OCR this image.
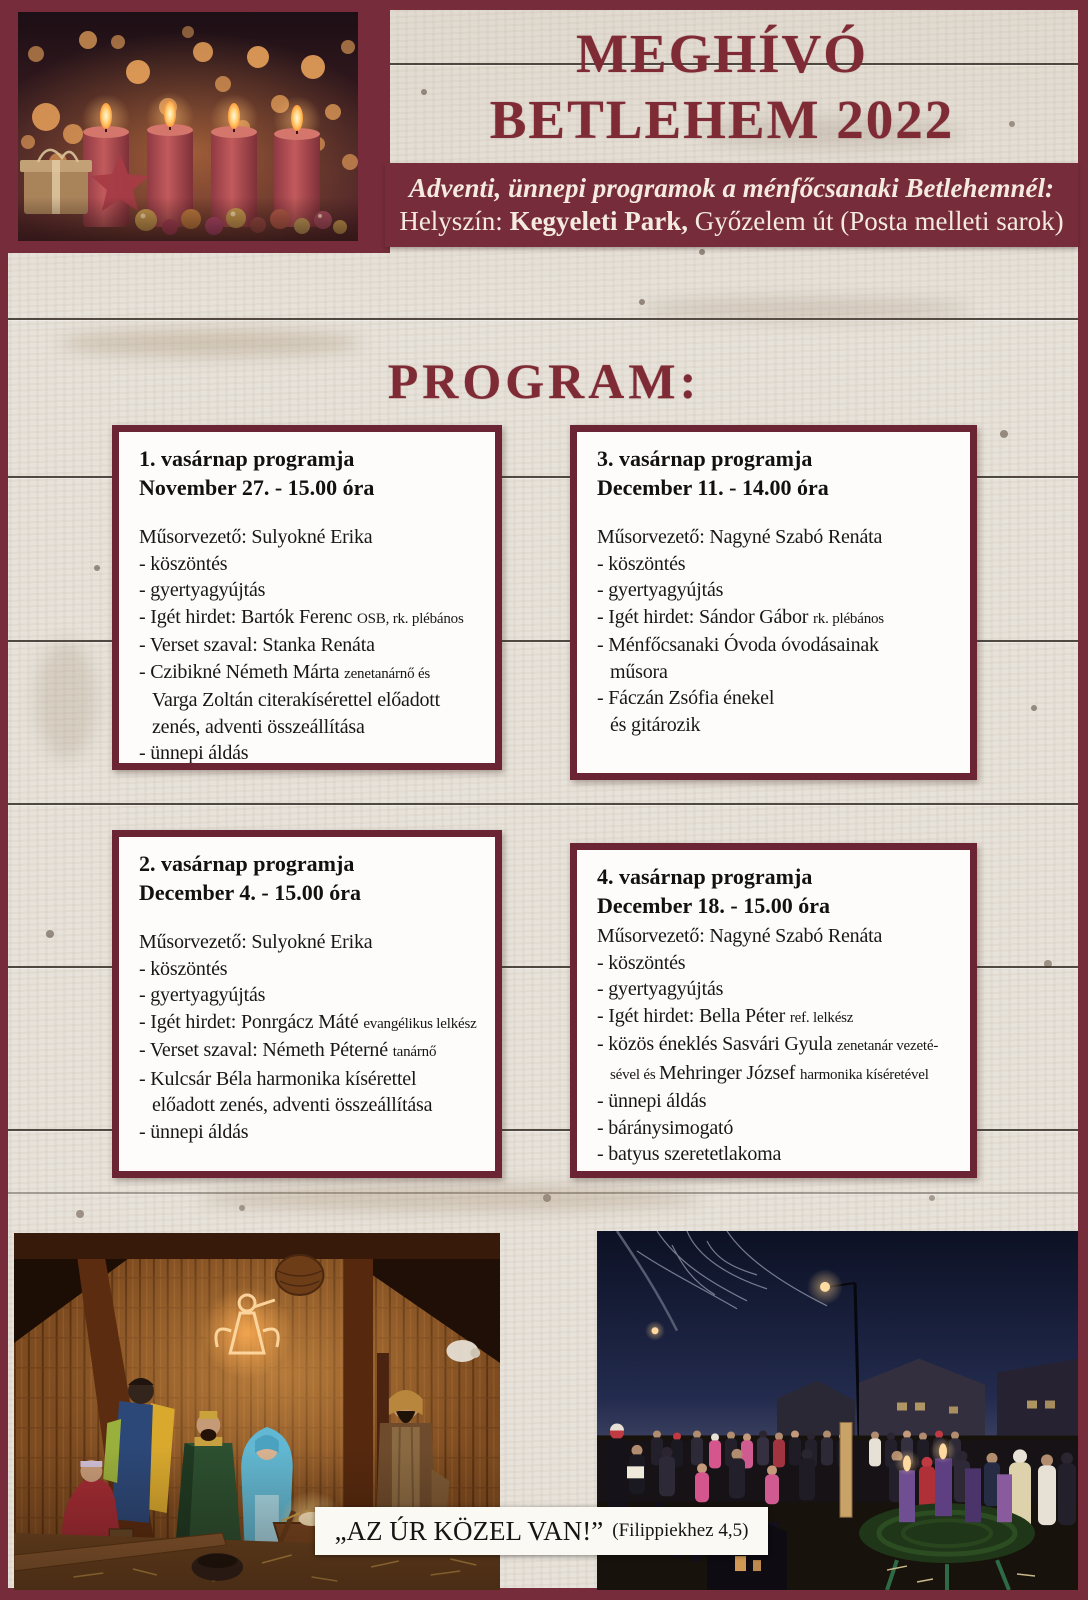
MEGHÍVÓ
BETLEHEM 2022
Adventi, ünnepi programok a ménfőcsanaki Betlehemnél:
Helyszín: Kegyeleti Park, Győzelem út (Posta melleti sarok)
PROGRAM:
1. vasárnap programja
November 27. - 15.00 óra
Műsorvezető: Sulyokné Erika
- köszöntés
- gyertyagyújtás
- Igét hirdet: Bartók Ferenc OSB, rk. plébános
- Verset szaval: Stanka Renáta
- Czibikné Németh Márta zenetanárnő és
Varga Zoltán citerakísérettel előadott
zenés, adventi összeállítása
- ünnepi áldás
3. vasárnap programja
December 11. - 14.00 óra
Műsorvezető: Nagyné Szabó Renáta
- köszöntés
- gyertyagyújtás
- Igét hirdet: Sándor Gábor rk. plébános
- Ménfőcsanaki Óvoda óvodásainak
műsora
- Fáczán Zsófia énekel
és gitározik
2. vasárnap programja
December 4. - 15.00 óra
Műsorvezető: Sulyokné Erika
- köszöntés
- gyertyagyújtás
- Igét hirdet: Ponrgácz Máté evangélikus lelkész
- Verset szaval: Németh Péterné tanárnő
- Kulcsár Béla harmonika kísérettel
előadott zenés, adventi összeállítása
- ünnepi áldás
4. vasárnap programja
December 18. - 15.00 óra
Műsorvezető: Nagyné Szabó Renáta
- köszöntés
- gyertyagyújtás
- Igét hirdet: Bella Péter ref. lelkész
- közös éneklés Sasvári Gyula zenetanár vezeté-
sével és Mehringer József harmonika kíséretével
- ünnepi áldás
- báránysimogató
- batyus szeretetlakoma
„AZ ÚR KÖZEL VAN!” (Filippiekhez 4,5)
